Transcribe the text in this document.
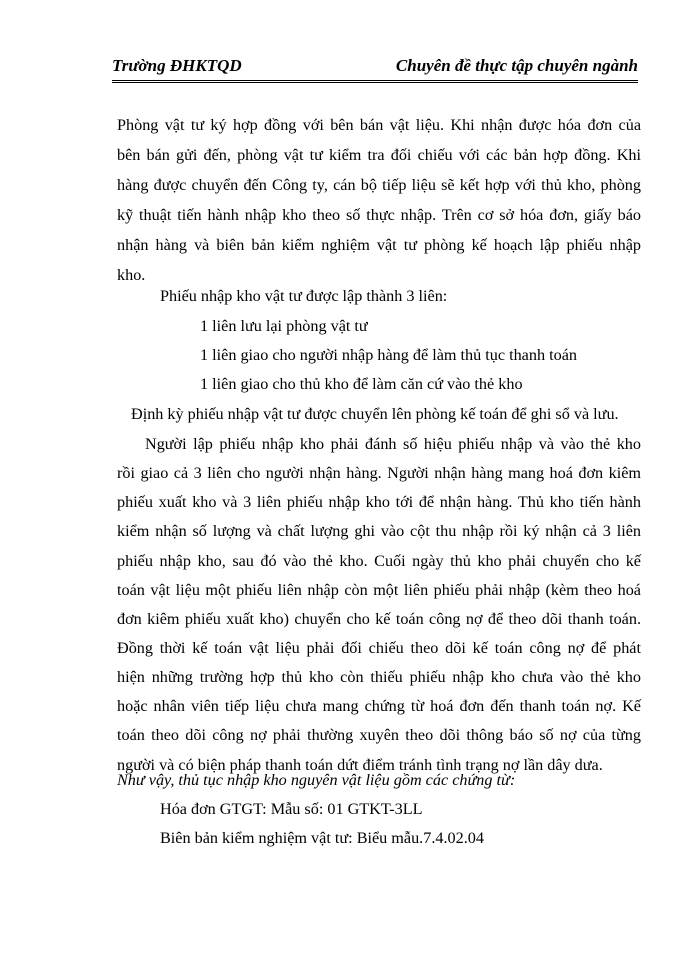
Trường ĐHKTQD	Chuyên đề thực tập chuyên ngành
Phòng vật tư ký hợp đồng với bên bán vật liệu. Khi nhận được hóa đơn của
bên bán gửi đến, phòng vật tư kiểm tra đối chiếu với các bản hợp đồng. Khi
hàng được chuyển đến Công ty, cán bộ tiếp liệu sẽ kết hợp với thủ kho, phòng
kỹ thuật tiến hành nhập kho theo số thực nhập. Trên cơ sở hóa đơn, giấy báo
nhận hàng và biên bản kiểm nghiệm vật tư phòng kế hoạch lập phiếu nhập
kho.
Phiếu nhập kho vật tư được lập thành 3 liên:
1 liên lưu lại phòng vật tư
1 liên giao cho người nhập hàng để làm thủ tục thanh toán
1 liên giao cho thủ kho để làm căn cứ vào thẻ kho
Định kỳ phiếu nhập vật tư được chuyển lên phòng kế toán để ghi sổ và lưu.
Người lập phiếu nhập kho phải đánh số hiệu phiếu nhập và vào thẻ kho
rồi giao cả 3 liên cho người nhận hàng. Người nhận hàng mang hoá đơn kiêm
phiếu xuất kho và 3 liên phiếu nhập kho tới để nhận hàng. Thủ kho tiến hành
kiểm nhận số lượng và chất lượng ghi vào cột thu nhập rồi ký nhận cả 3 liên
phiếu nhập kho, sau đó vào thẻ kho. Cuối ngày thủ kho phải chuyển cho kế
toán vật liệu một phiếu liên nhập còn một liên phiếu phải nhập (kèm theo hoá
đơn kiêm phiếu xuất kho) chuyển cho kế toán công nợ để theo dõi thanh toán.
Đồng thời kế toán vật liệu phải đối chiếu theo dõi kế toán công nợ để phát
hiện những trường hợp thủ kho còn thiếu phiếu nhập kho chưa vào thẻ kho
hoặc nhân viên tiếp liệu chưa mang chứng từ hoá đơn đến thanh toán nợ. Kế
toán theo dõi công nợ phải thường xuyên theo dõi thông báo số nợ của từng
người và có biện pháp thanh toán dứt điểm tránh tình trạng nợ lần dây dưa.
Như vậy, thủ tục nhập kho nguyên vật liệu gồm các chứng từ:
Hóa đơn GTGT: Mẫu số: 01 GTKT-3LL
Biên bản kiểm nghiệm vật tư: Biểu mẫu.7.4.02.04
